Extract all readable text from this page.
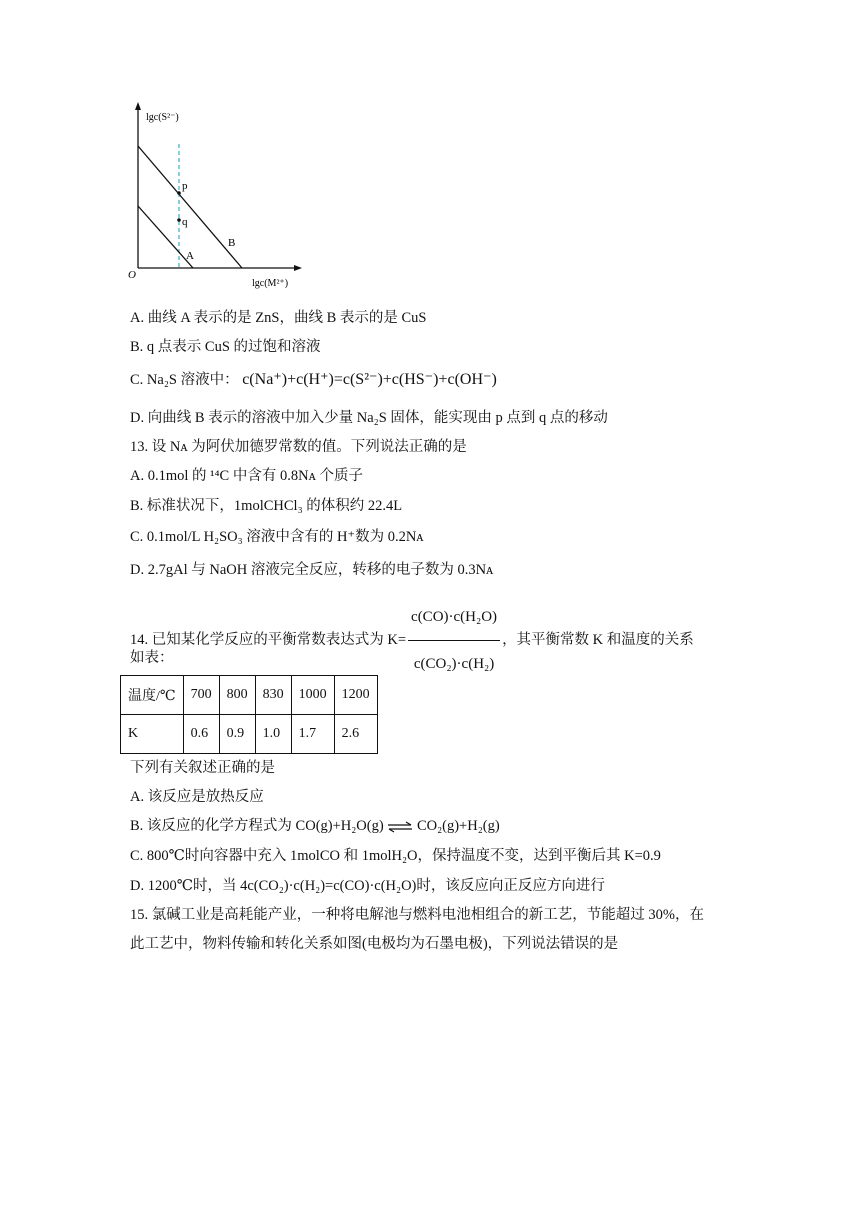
p
q
A
B
O
lgc(S²⁻)
lgc(M²⁺)
A. 曲线 A 表示的是 ZnS，曲线 B 表示的是 CuS
B. q 点表示 CuS 的过饱和溶液
C. Na₂S 溶液中： c(Na⁺)+c(H⁺)=c(S²⁻)+c(HS⁻)+c(OH⁻)
D. 向曲线 B 表示的溶液中加入少量 Na₂S 固体，能实现由 p 点到 q 点的移动
13. 设 Nᴀ 为阿伏加德罗常数的值。下列说法正确的是
A. 0.1mol 的 ¹⁴C 中含有 0.8Nᴀ 个质子
B. 标准状况下，1molCHCl₃ 的体积约 22.4L
C. 0.1mol/L H₂SO₃ 溶液中含有的 H⁺数为 0.2Nᴀ
D. 2.7gAl 与 NaOH 溶液完全反应，转移的电子数为 0.3Nᴀ
14. 已知某化学反应的平衡常数表达式为 $K= \frac{\text{c(CO)·c(H₂O)}}{\text{c(CO₂)·c(H₂)}}$ ，其平衡常数 K 和温度的关系
如表：
温度/℃	700	800	830	1000	1200
K	0.6	0.9	1.0	1.7	2.6
下列有关叙述正确的是
A. 该反应是放热反应
B. 该反应的化学方程式为 CO(g)+H₂O(g) ⇌ CO₂(g)+H₂(g)
C. 800℃时向容器中充入 1molCO 和 1molH₂O，保持温度不变，达到平衡后其 K=0.9
D. 1200℃时，当 4c(CO₂)·c(H₂)=c(CO)·c(H₂O)时，该反应向正反应方向进行
15. 氯碱工业是高耗能产业，一种将电解池与燃料电池相组合的新工艺，节能超过 30%，在
此工艺中，物料传输和转化关系如图(电极均为石墨电极)，下列说法错误的是
